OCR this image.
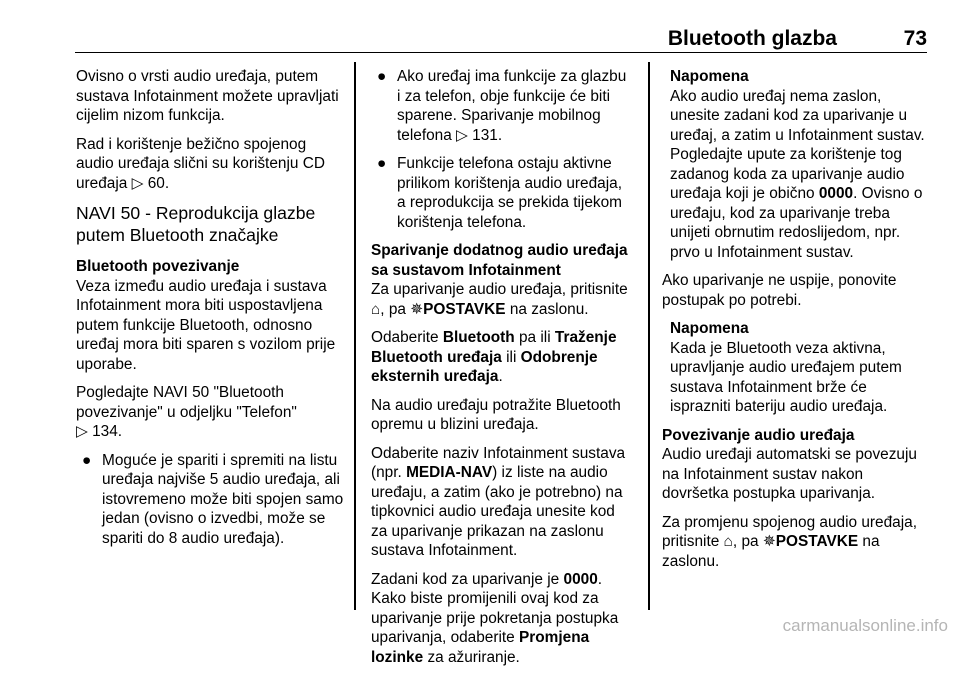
Bluetooth glazba	73

Ovisno o vrsti audio uređaja, putem sustava Infotainment možete upravljati cijelim nizom funkcija.

Rad i korištenje bežično spojenog audio uređaja slični su korištenju CD uređaja ▷ 60.

NAVI 50 - Reprodukcija glazbe putem Bluetooth značajke

Bluetooth povezivanje

Veza između audio uređaja i sustava Infotainment mora biti uspostavljena putem funkcije Bluetooth, odnosno uređaj mora biti sparen s vozilom prije uporabe.

Pogledajte NAVI 50 "Bluetooth povezivanje" u odjeljku "Telefon"
▷ 134.

● Moguće je spariti i spremiti na listu uređaja najviše 5 audio uređaja, ali istovremeno može biti spojen samo jedan (ovisno o izvedbi, može se spariti do 8 audio uređaja).
● Ako uređaj ima funkcije za glazbu i za telefon, obje funkcije će biti sparene. Sparivanje mobilnog telefona ▷ 131.
● Funkcije telefona ostaju aktivne prilikom korištenja audio uređaja, a reprodukcija se prekida tijekom korištenja telefona.

Sparivanje dodatnog audio uređaja sa sustavom Infotainment

Za uparivanje audio uređaja, pritisnite ⌂, pa ✵POSTAVKE na zaslonu.

Odaberite Bluetooth pa ili Traženje Bluetooth uređaja ili Odobrenje eksternih uređaja.

Na audio uređaju potražite Bluetooth opremu u blizini uređaja.

Odaberite naziv Infotainment sustava (npr. MEDIA-NAV) iz liste na audio uređaju, a zatim (ako je potrebno) na tipkovnici audio uređaja unesite kod za uparivanje prikazan na zaslonu sustava Infotainment.

Zadani kod za uparivanje je 0000. Kako biste promijenili ovaj kod za uparivanje prije pokretanja postupka uparivanja, odaberite Promjena lozinke za ažuriranje.

Napomena
Ako audio uređaj nema zaslon, unesite zadani kod za uparivanje u uređaj, a zatim u Infotainment sustav. Pogledajte upute za korištenje tog zadanog koda za uparivanje audio uređaja koji je obično 0000. Ovisno o uređaju, kod za uparivanje treba unijeti obrnutim redoslijedom, npr. prvo u Infotainment sustav.

Ako uparivanje ne uspije, ponovite postupak po potrebi.

Napomena
Kada je Bluetooth veza aktivna, upravljanje audio uređajem putem sustava Infotainment brže će isprazniti bateriju audio uređaja.

Povezivanje audio uređaja

Audio uređaji automatski se povezuju na Infotainment sustav nakon dovršetka postupka uparivanja.

Za promjenu spojenog audio uređaja, pritisnite ⌂, pa ✵POSTAVKE na zaslonu.

carmanualsonline.info
